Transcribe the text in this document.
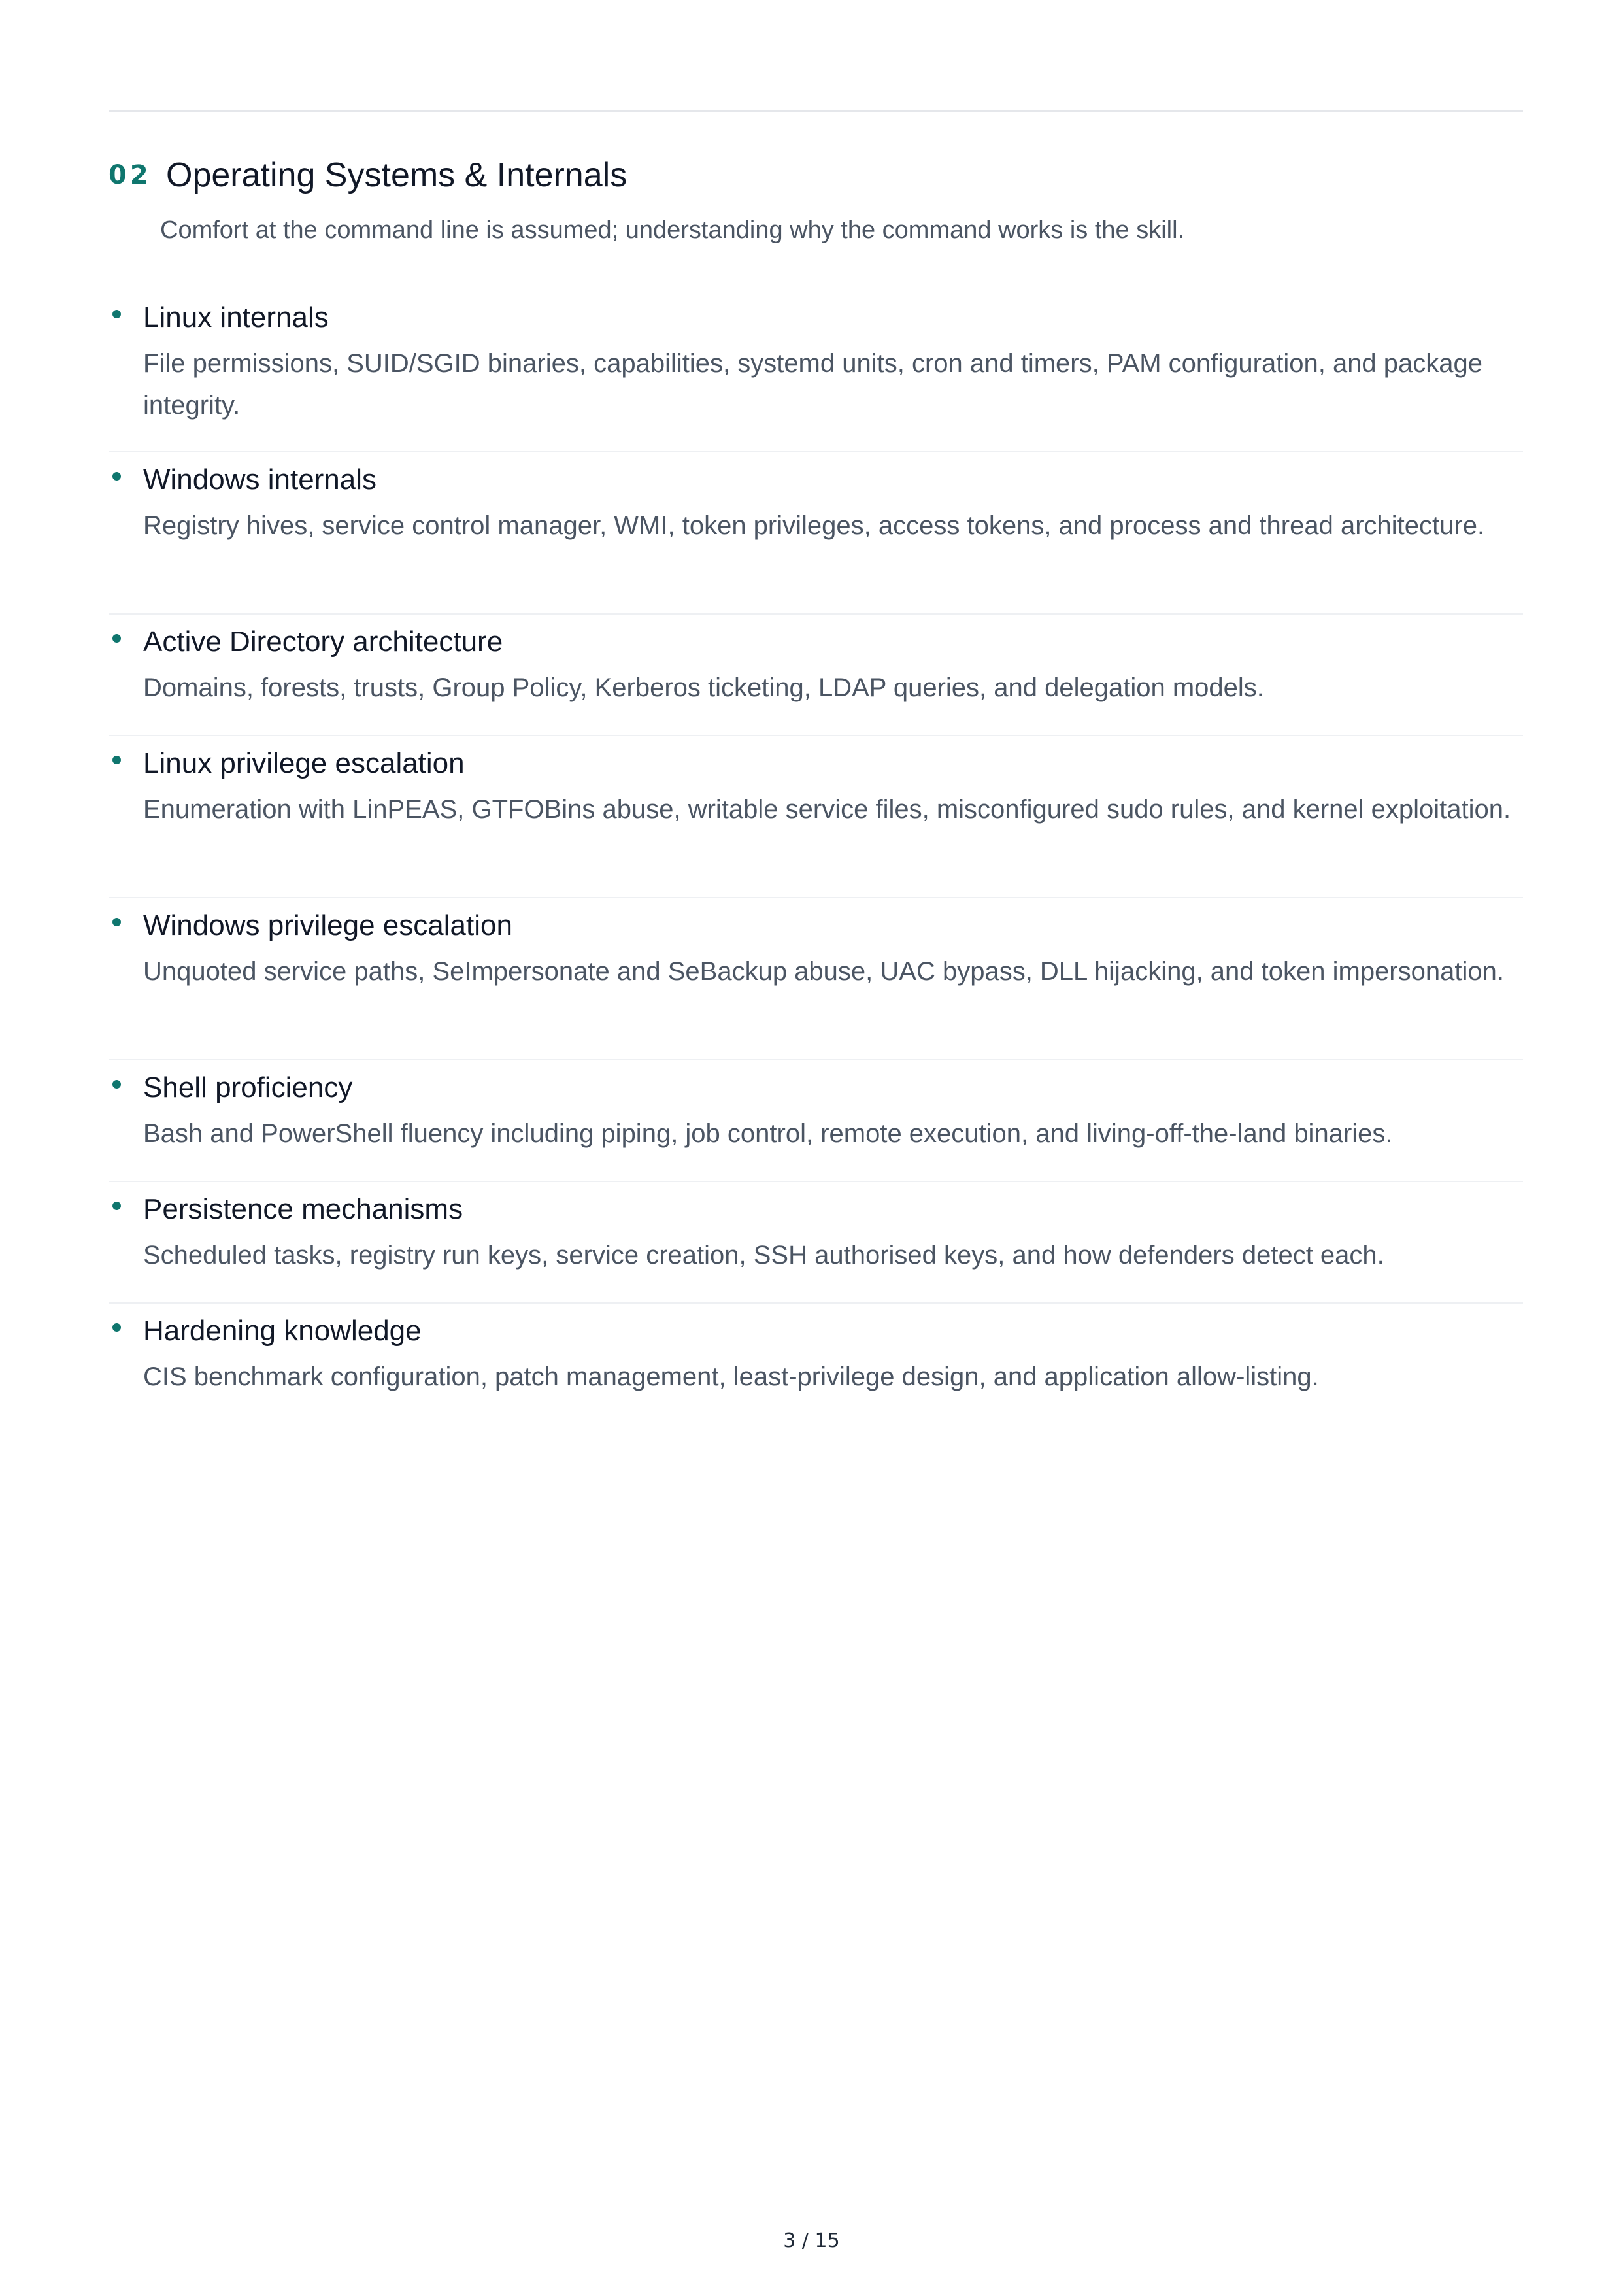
02 Operating Systems & Internals
Comfort at the command line is assumed; understanding why the command works is the skill.
Linux internals
File permissions, SUID/SGID binaries, capabilities, systemd units, cron and timers, PAM configuration, and package integrity.
Windows internals
Registry hives, service control manager, WMI, token privileges, access tokens, and process and thread architecture.
Active Directory architecture
Domains, forests, trusts, Group Policy, Kerberos ticketing, LDAP queries, and delegation models.
Linux privilege escalation
Enumeration with LinPEAS, GTFOBins abuse, writable service files, misconfigured sudo rules, and kernel exploitation.
Windows privilege escalation
Unquoted service paths, SeImpersonate and SeBackup abuse, UAC bypass, DLL hijacking, and token impersonation.
Shell proficiency
Bash and PowerShell fluency including piping, job control, remote execution, and living-off-the-land binaries.
Persistence mechanisms
Scheduled tasks, registry run keys, service creation, SSH authorised keys, and how defenders detect each.
Hardening knowledge
CIS benchmark configuration, patch management, least-privilege design, and application allow-listing.
3 / 15
